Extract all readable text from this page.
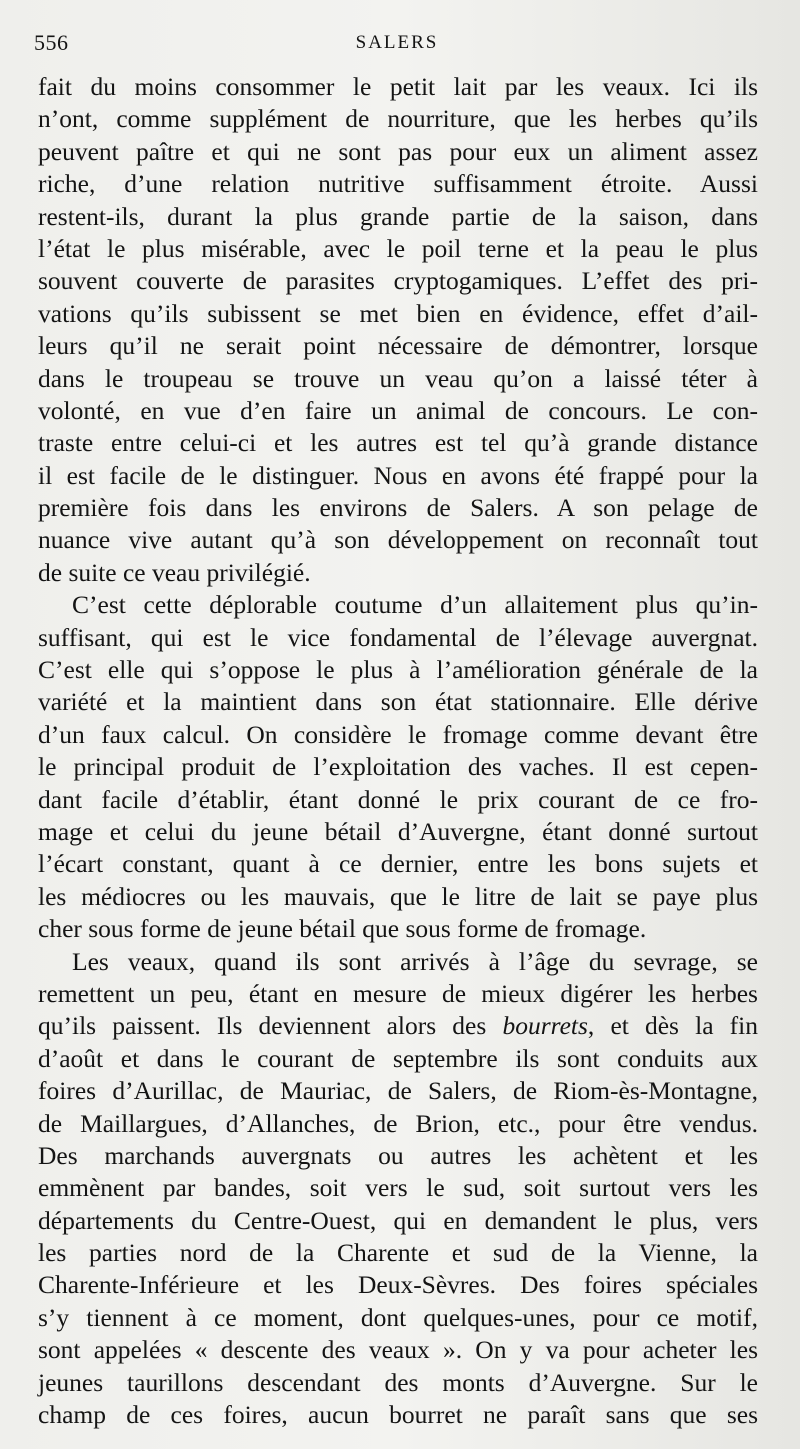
556	SALERS
fait du moins consommer le petit lait par les veaux. Ici ils
n’ont, comme supplément de nourriture, que les herbes qu’ils
peuvent paître et qui ne sont pas pour eux un aliment assez
riche, d’une relation nutritive suffisamment étroite. Aussi
restent-ils, durant la plus grande partie de la saison, dans
l’état le plus misérable, avec le poil terne et la peau le plus
souvent couverte de parasites cryptogamiques. L’effet des pri-
vations qu’ils subissent se met bien en évidence, effet d’ail-
leurs qu’il ne serait point nécessaire de démontrer, lorsque
dans le troupeau se trouve un veau qu’on a laissé téter à
volonté, en vue d’en faire un animal de concours. Le con-
traste entre celui-ci et les autres est tel qu’à grande distance
il est facile de le distinguer. Nous en avons été frappé pour la
première fois dans les environs de Salers. A son pelage de
nuance vive autant qu’à son développement on reconnaît tout
de suite ce veau privilégié.
C’est cette déplorable coutume d’un allaitement plus qu’in-
suffisant, qui est le vice fondamental de l’élevage auvergnat.
C’est elle qui s’oppose le plus à l’amélioration générale de la
variété et la maintient dans son état stationnaire. Elle dérive
d’un faux calcul. On considère le fromage comme devant être
le principal produit de l’exploitation des vaches. Il est cepen-
dant facile d’établir, étant donné le prix courant de ce fro-
mage et celui du jeune bétail d’Auvergne, étant donné surtout
l’écart constant, quant à ce dernier, entre les bons sujets et
les médiocres ou les mauvais, que le litre de lait se paye plus
cher sous forme de jeune bétail que sous forme de fromage.
Les veaux, quand ils sont arrivés à l’âge du sevrage, se
remettent un peu, étant en mesure de mieux digérer les herbes
qu’ils paissent. Ils deviennent alors des bourrets, et dès la fin
d’août et dans le courant de septembre ils sont conduits aux
foires d’Aurillac, de Mauriac, de Salers, de Riom-ès-Montagne,
de Maillargues, d’Allanches, de Brion, etc., pour être vendus.
Des marchands auvergnats ou autres les achètent et les
emmènent par bandes, soit vers le sud, soit surtout vers les
départements du Centre-Ouest, qui en demandent le plus, vers
les parties nord de la Charente et sud de la Vienne, la
Charente-Inférieure et les Deux-Sèvres. Des foires spéciales
s’y tiennent à ce moment, dont quelques-unes, pour ce motif,
sont appelées « descente des veaux ». On y va pour acheter les
jeunes taurillons descendant des monts d’Auvergne. Sur le
champ de ces foires, aucun bourret ne paraît sans que ses
